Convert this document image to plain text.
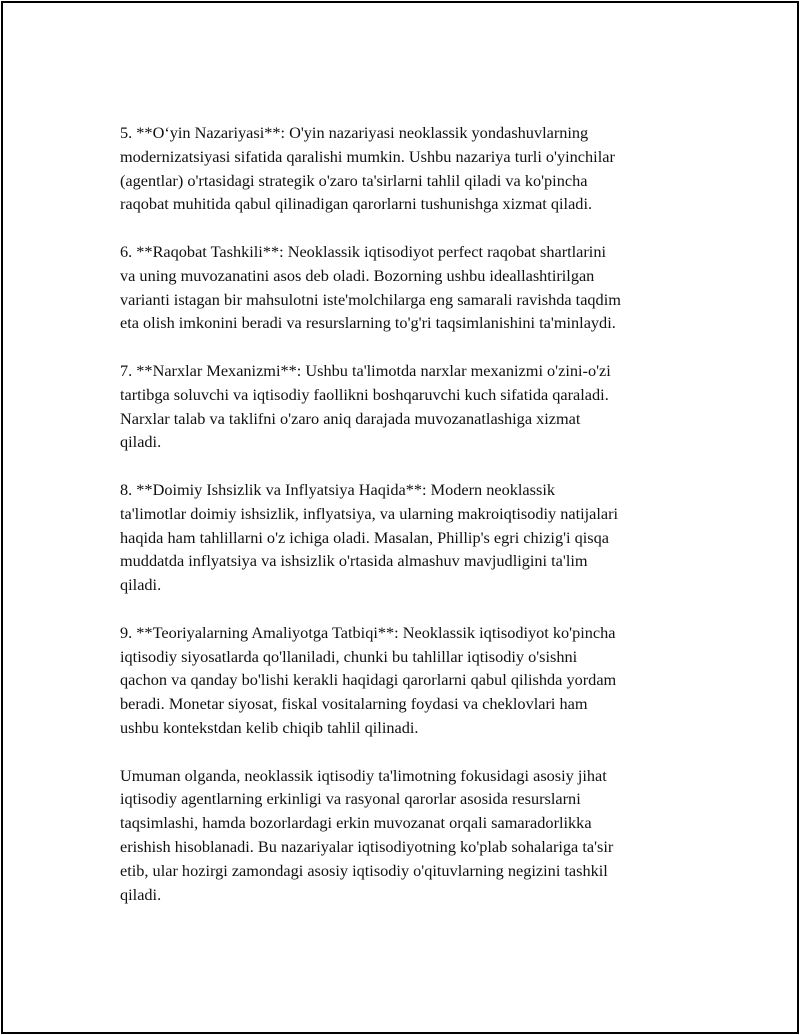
5. **O‘yin Nazariyasi**: O'yin nazariyasi neoklassik yondashuvlarning
modernizatsiyasi sifatida qaralishi mumkin. Ushbu nazariya turli o'yinchilar
(agentlar) o'rtasidagi strategik o'zaro ta'sirlarni tahlil qiladi va ko'pincha
raqobat muhitida qabul qilinadigan qarorlarni tushunishga xizmat qiladi.
6. **Raqobat Tashkili**: Neoklassik iqtisodiyot perfect raqobat shartlarini
va uning muvozanatini asos deb oladi. Bozorning ushbu ideallashtirilgan
varianti istagan bir mahsulotni iste'molchilarga eng samarali ravishda taqdim
eta olish imkonini beradi va resurslarning to'g'ri taqsimlanishini ta'minlaydi.
7. **Narxlar Mexanizmi**: Ushbu ta'limotda narxlar mexanizmi o'zini-o'zi
tartibga soluvchi va iqtisodiy faollikni boshqaruvchi kuch sifatida qaraladi.
Narxlar talab va taklifni o'zaro aniq darajada muvozanatlashiga xizmat
qiladi.
8. **Doimiy Ishsizlik va Inflyatsiya Haqida**: Modern neoklassik
ta'limotlar doimiy ishsizlik, inflyatsiya, va ularning makroiqtisodiy natijalari
haqida ham tahlillarni o'z ichiga oladi. Masalan, Phillip's egri chizig'i qisqa
muddatda inflyatsiya va ishsizlik o'rtasida almashuv mavjudligini ta'lim
qiladi.
9. **Teoriyalarning Amaliyotga Tatbiqi**: Neoklassik iqtisodiyot ko'pincha
iqtisodiy siyosatlarda qo'llaniladi, chunki bu tahlillar iqtisodiy o'sishni
qachon va qanday bo'lishi kerakli haqidagi qarorlarni qabul qilishda yordam
beradi. Monetar siyosat, fiskal vositalarning foydasi va cheklovlari ham
ushbu kontekstdan kelib chiqib tahlil qilinadi.
Umuman olganda, neoklassik iqtisodiy ta'limotning fokusidagi asosiy jihat
iqtisodiy agentlarning erkinligi va rasyonal qarorlar asosida resurslarni
taqsimlashi, hamda bozorlardagi erkin muvozanat orqali samaradorlikka
erishish hisoblanadi. Bu nazariyalar iqtisodiyotning ko'plab sohalariga ta'sir
etib, ular hozirgi zamondagi asosiy iqtisodiy o'qituvlarning negizini tashkil
qiladi.
